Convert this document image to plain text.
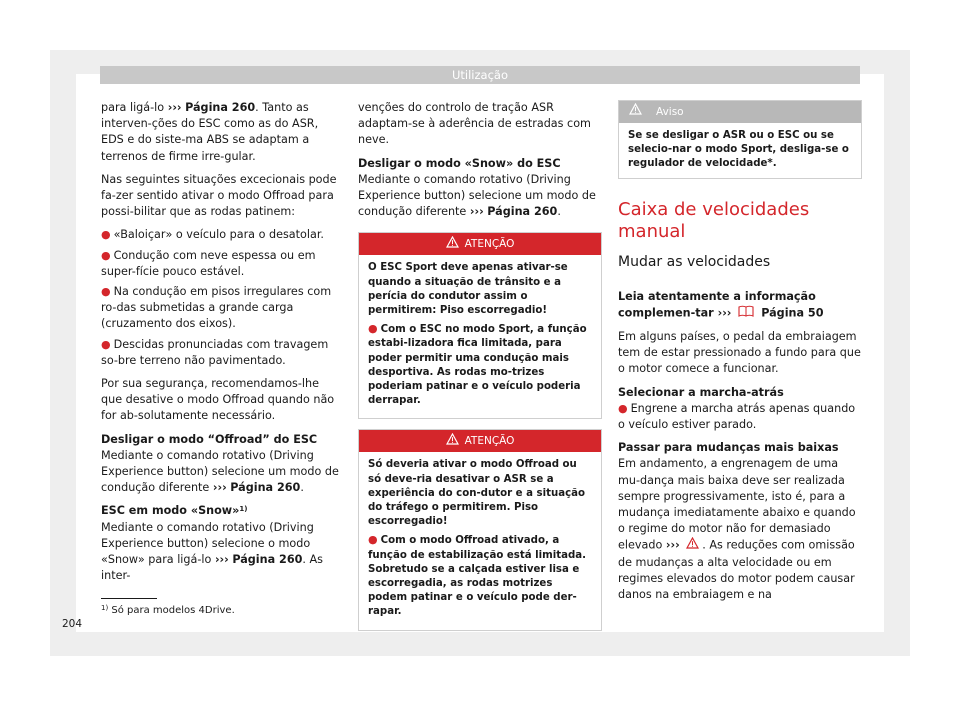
Utilização

para ligá-lo ››› Página 260. Tanto as interven-ções do ESC como as do ASR, EDS e do siste-ma ABS se adaptam a terrenos de firme irre-gular.

Nas seguintes situações excecionais pode fa-zer sentido ativar o modo Offroad para possi-bilitar que as rodas patinem:

● «Baloiçar» o veículo para o desatolar.

● Condução com neve espessa ou em super-fície pouco estável.

● Na condução em pisos irregulares com ro-das submetidas a grande carga (cruzamento dos eixos).

● Descidas pronunciadas com travagem so-bre terreno não pavimentado.

Por sua segurança, recomendamos-lhe que desative o modo Offroad quando não for ab-solutamente necessário.

Desligar o modo “Offroad” do ESC

Mediante o comando rotativo (Driving Experience button) selecione um modo de condução diferente ››› Página 260.

ESC em modo «Snow»$^{1)}$

Mediante o comando rotativo (Driving Experience button) selecione o modo «Snow» para ligá-lo ››› Página 260. As inter-

venções do controlo de tração ASR adaptam-se à aderência de estradas com neve.

Desligar o modo «Snow» do ESC

Mediante o comando rotativo (Driving Experience button) selecione um modo de condução diferente ››› Página 260.

ATENÇÃO

O ESC Sport deve apenas ativar-se quando a situação de trânsito e a perícia do condutor assim o permitirem: Piso escorregadio!

● Com o ESC no modo Sport, a função estabi-lizadora fica limitada, para poder permitir uma condução mais desportiva. As rodas mo-trizes poderiam patinar e o veículo poderia derrapar.

ATENÇÃO

Só deveria ativar o modo Offroad ou só deve-ria desativar o ASR se a experiência do con-dutor e a situação do tráfego o permitirem. Piso escorregadio!

● Com o modo Offroad ativado, a função de estabilização está limitada. Sobretudo se a calçada estiver lisa e escorregadia, as rodas motrizes podem patinar e o veículo pode der-rapar.

Aviso

Se se desligar o ASR ou o ESC ou se selecio-nar o modo Sport, desliga-se o regulador de velocidade*.

Caixa de velocidades manual
Mudar as velocidades

Leia atentamente a informação complemen-tar ›››	Página 50

Em alguns países, o pedal da embraiagem tem de estar pressionado a fundo para que o motor comece a funcionar.

Selecionar a marcha-atrás

● Engrene a marcha atrás apenas quando o veículo estiver parado.

Passar para mudanças mais baixas

Em andamento, a engrenagem de uma mu-dança mais baixa deve ser realizada sempre progressivamente, isto é, para a mudança imediatamente abaixo e quando o regime do motor não for demasiado elevado ››› . As reduções com omissão de mudanças a alta velocidade ou em regimes elevados do motor podem causar danos na embraiagem e na

$^{1)}$ Só para modelos 4Drive.
204
